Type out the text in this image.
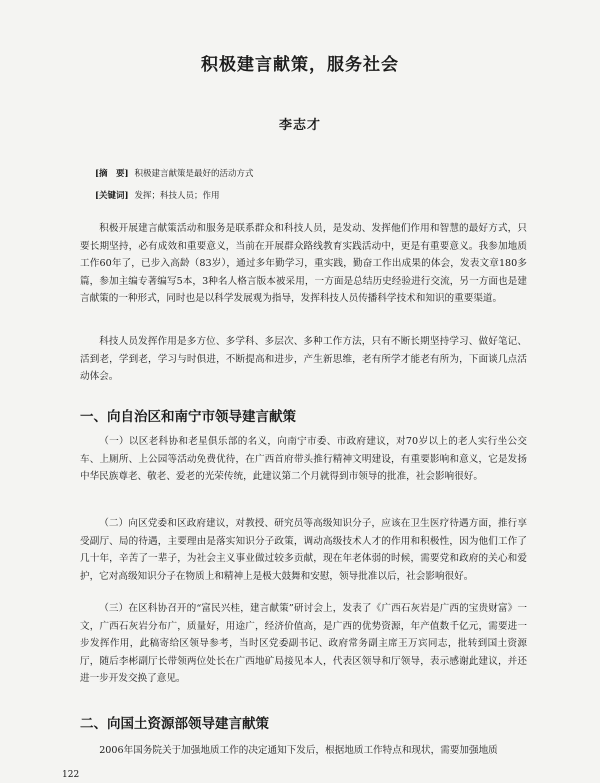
积极建言献策，服务社会
李志才
[摘　要] 积极建言献策是最好的活动方式
[关键词] 发挥；科技人员；作用
积极开展建言献策活动和服务是联系群众和科技人员，是发动、发挥他们作用和智慧的最好方式，只要长期坚持，必有成效和重要意义，当前在开展群众路线教育实践活动中，更是有重要意义。我参加地质工作60年了，已步入高龄（83岁），通过多年勤学习，重实践，勤奋工作出成果的体会，发表文章180多篇，参加主编专著编写5本，3种名人格言版本被采用，一方面是总结历史经验进行交流，另一方面也是建言献策的一种形式，同时也是以科学发展观为指导，发挥科技人员传播科学技术和知识的重要渠道。
科技人员发挥作用是多方位、多学科、多层次、多种工作方法，只有不断长期坚持学习、做好笔记、活到老，学到老，学习与时俱进，不断提高和进步，产生新思维，老有所学才能老有所为，下面谈几点活动体会。
一、向自治区和南宁市领导建言献策
（一）以区老科协和老星俱乐部的名义，向南宁市委、市政府建议，对70岁以上的老人实行坐公交车、上厕所、上公园等活动免费优待，在广西首府带头推行精神文明建设，有重要影响和意义，它是发扬中华民族尊老、敬老、爱老的光荣传统，此建议第二个月就得到市领导的批准，社会影响很好。
（二）向区党委和区政府建议，对教授、研究员等高级知识分子，应该在卫生医疗待遇方面，推行享受副厅、局的待遇，主要理由是落实知识分子政策，调动高级技术人才的作用和积极性，因为他们工作了几十年，辛苦了一辈子，为社会主义事业做过较多贡献，现在年老体弱的时候，需要党和政府的关心和爱护，它对高级知识分子在物质上和精神上是极大鼓舞和安慰，领导批准以后，社会影响很好。
（三）在区科协召开的“富民兴桂，建言献策”研讨会上，发表了《广西石灰岩是广西的宝贵财富》一文，广西石灰岩分布广，质量好，用途广，经济价值高，是广西的优势资源，年产值数千亿元，需要进一步发挥作用，此稿寄给区领导参考，当时区党委副书记、政府常务副主席王万宾同志，批转到国土资源厅，随后李彬副厅长带领两位处长在广西地矿局接见本人，代表区领导和厅领导，表示感谢此建议，并还进一步开发交换了意见。
二、向国土资源部领导建言献策
2006年国务院关于加强地质工作的决定通知下发后，根据地质工作特点和现状，需要加强地质
122
